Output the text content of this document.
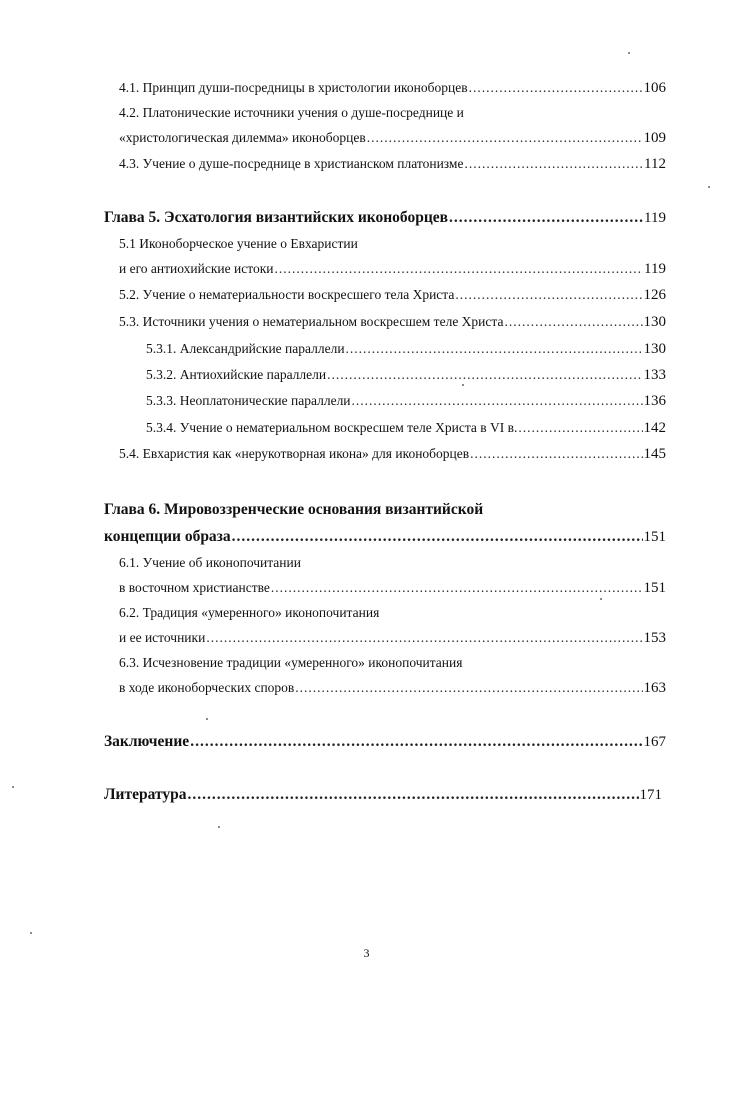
4.1. Принцип души-посредницы в христологии иконоборцев .....	106
4.2. Платонические источники учения о душе-посреднице и
«христологическая дилемма» иконоборцев .....	109
4.3. Учение о душе-посреднице в христианском платонизме .....	112
Глава 5. Эсхатология византийских иконоборцев .....	119
5.1 Иконоборческое учение о Евхаристии
и его антиохийские истоки .....	119
5.2. Учение о нематериальности воскресшего тела Христа .....	126
5.3. Источники учения о нематериальном воскресшем теле Христа .....	130
5.3.1. Александрийские параллели .....	130
5.3.2. Антиохийские параллели .....	133
5.3.3. Неоплатонические параллели .....	136
5.3.4. Учение о нематериальном воскресшем теле Христа в VI в. .....	142
5.4. Евхаристия как «нерукотворная икона» для иконоборцев .....	145
Глава 6. Мировоззренческие основания византийской
концепции образа .....	151
6.1. Учение об иконопочитании
в восточном христианстве .....	151
6.2. Традиция «умеренного» иконопочитания
и ее источники .....	153
6.3. Исчезновение традиции «умеренного» иконопочитания
в ходе иконоборческих споров .....	163
Заключение .....	167
Литература .....	171
3
